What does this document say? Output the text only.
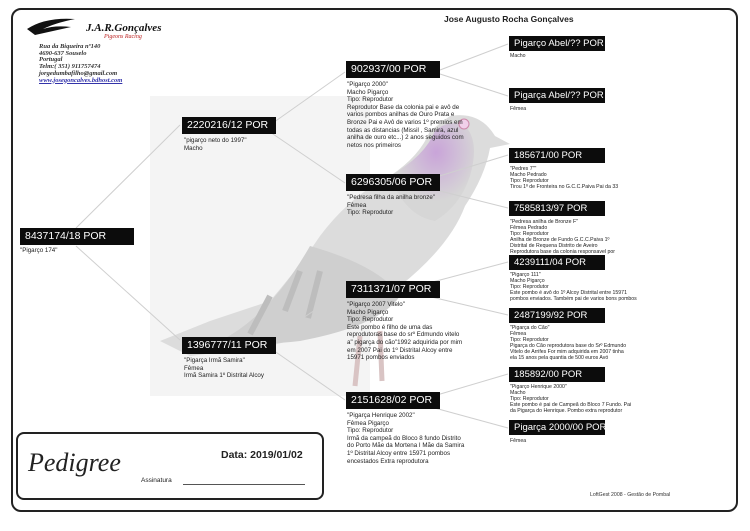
J.A.R.Gonçalves
Pigeons Racing
Rua da Biqueira nº140
4690-637 Souselo
Portugal
Telm:( 351) 911757474
jorgedumbafilho@gmail.com
www.josegoncalves.bdhost.com
Jose Augusto Rocha Gonçalves
8437174/18 POR
"Pigarço 174"
2220216/12 POR
"pigarço neto do 1997"
Macho
1396777/11 POR
"Pigarça Irmã Samira"
Fêmea
Irmã Samira 1º Distrital Alcoy
902937/00 POR
"Pigarço 2000"
Macho Pigarço
Tipo: Reprodutor
Reprodutor Base da colonia pai e avô de varios pombos anilhas de Ouro Prata e Bronze Pai e Avô de varios 1º premios em todas as distancias (Missil , Samira, azul anilha de ouro etc...) 2 anos seguidos com netos nos primeiros
6296305/06 POR
"Pedresa filha da anilha bronze"
Fêmea
Tipo: Reprodutor
7311371/07 POR
"Pigarço 2007 Vitelo"
Macho Pigarço
Tipo: Reprodutor
Este pombo é filho de uma das reprodutoras base do srº Edmundo vitelo a" pigarça do cão"1992 adquirida por mim em 2007 Pai do 1º Distrital Alcoy entre 15971 pombos enviados
2151628/02 POR
"Pigarça Henrique 2002"
Fêmea Pigarço
Tipo: Reprodutor
Irmã da campeã do Bloco 8 fundo Distrito do Porto Mãe da Mortena I Mãe da Samira 1º Distrital Alcoy entre 15971 pombos encestados Extra reprodutora
Pigarço Abel/?? POR
Macho
Pigarça Abel/?? POR
Fêmea
185671/00 POR
"Pedres 7""
Macho Pedrado
Tipo: Reprodutor
Tirou 1º de Fronteira no G.C.C.Paiva Pai da 33
7585813/97 POR
"Pedresa anilha de Bronze F"
Fêmea Pedrado
Tipo: Reprodutor
Anilha de Bronze de Fundo G.C.C.Paiva 1º Distrital de Requena Distrito de Aveiro Reprodutora base da colonia responsavel por
4239111/04 POR
"Pigarço 111"
Macho Pigarço
Tipo: Reprodutor
Este pombo é avô do 1º Alcoy Distrital entre 15971 pombos enviados. Também pai de varios bons pombos
2487199/92 POR
"Pigarça do Cão"
Fêmea
Tipo: Reprodutor
Pigarça do Cão reprodutora base do Srº Edmundo Vitelo de Arrifes For mim adquirida em 2007 tinha ela 15 anos pela quantia de 500 euros Avó
185892/00 POR
"Pigarço Henrique 2000"
Macho
Tipo: Reprodutor
Este pombo é pai de Campeã do Bloco 7 Fundo. Pai da Pigarça do Henrique. Pombo extra reprodutor
Pigarça 2000/00 POR
Fêmea
Pedigree	Data: 2019/01/02
Assinatura
LoftGest 2008 - Gestão de Pombal
